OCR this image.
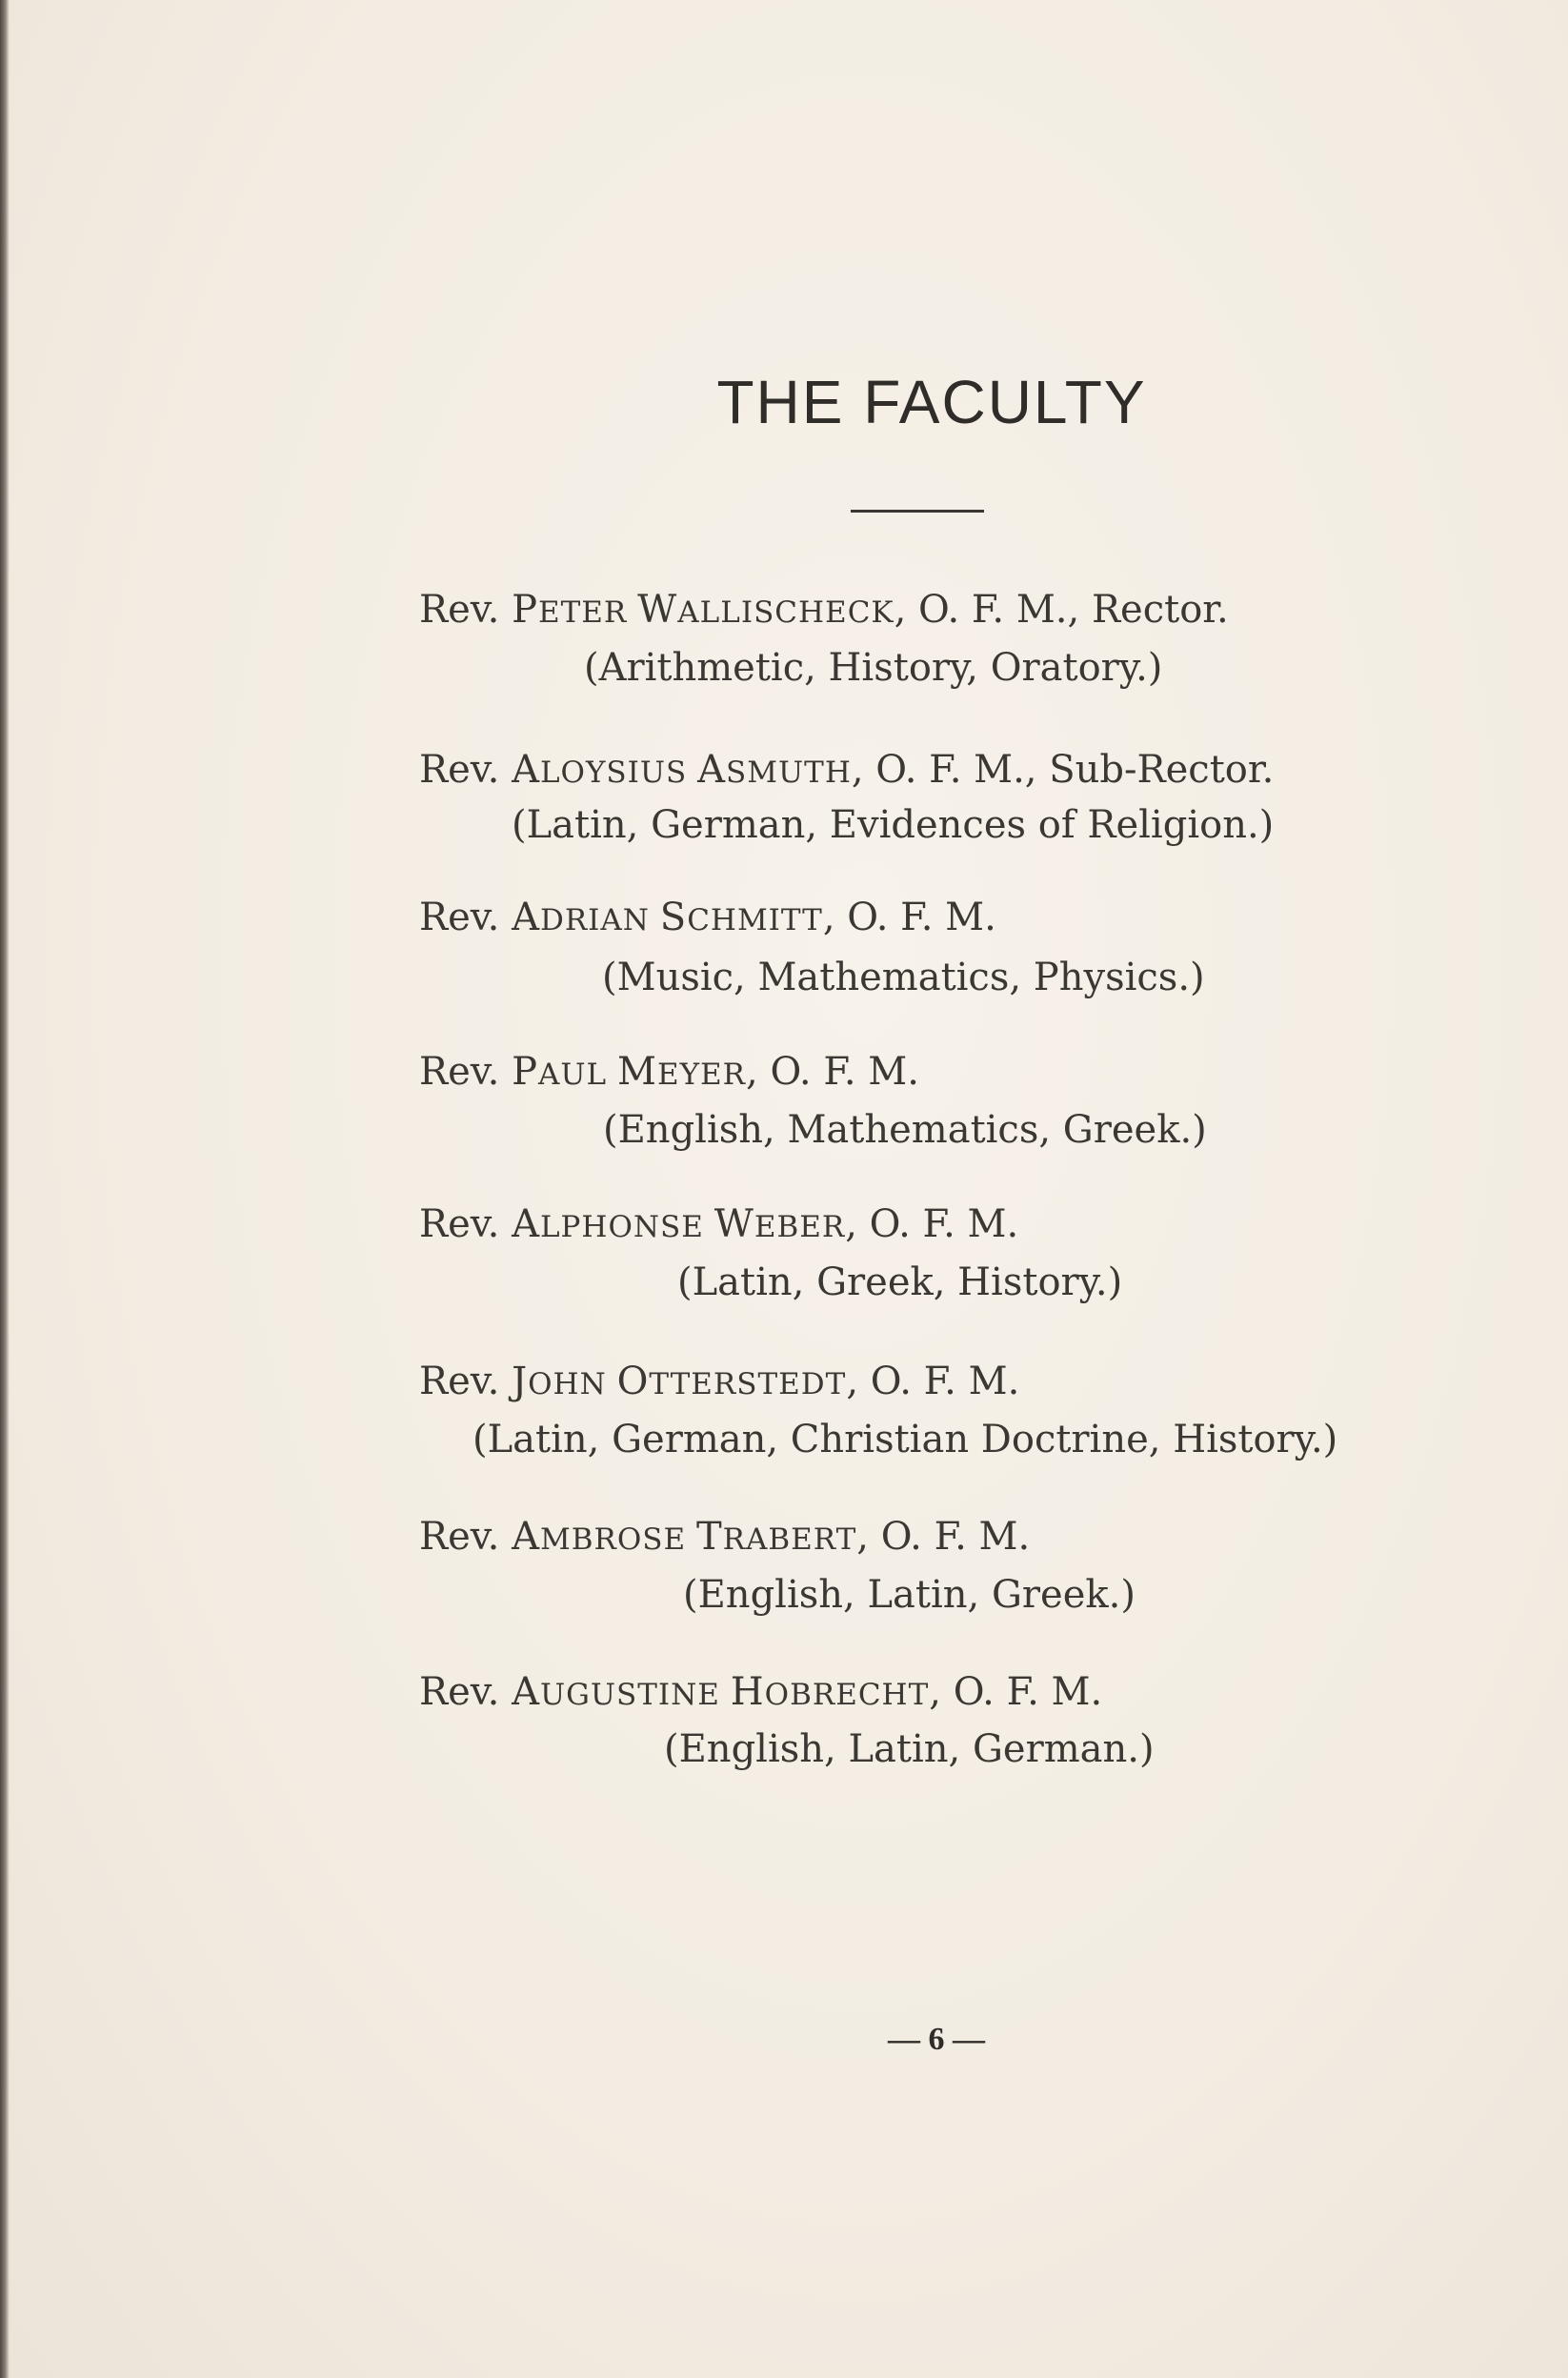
THE FACULTY
Rev. PETER WALLISCHECK, O. F. M., Rector.
(Arithmetic, History, Oratory.)
Rev. ALOYSIUS ASMUTH, O. F. M., Sub-Rector.
(Latin, German, Evidences of Religion.)
Rev. ADRIAN SCHMITT, O. F. M.
(Music, Mathematics, Physics.)
Rev. PAUL MEYER, O. F. M.
(English, Mathematics, Greek.)
Rev. ALPHONSE WEBER, O. F. M.
(Latin, Greek, History.)
Rev. JOHN OTTERSTEDT, O. F. M.
(Latin, German, Christian Doctrine, History.)
Rev. AMBROSE TRABERT, O. F. M.
(English, Latin, Greek.)
Rev. AUGUSTINE HOBRECHT, O. F. M.
(English, Latin, German.)
— 6 —
